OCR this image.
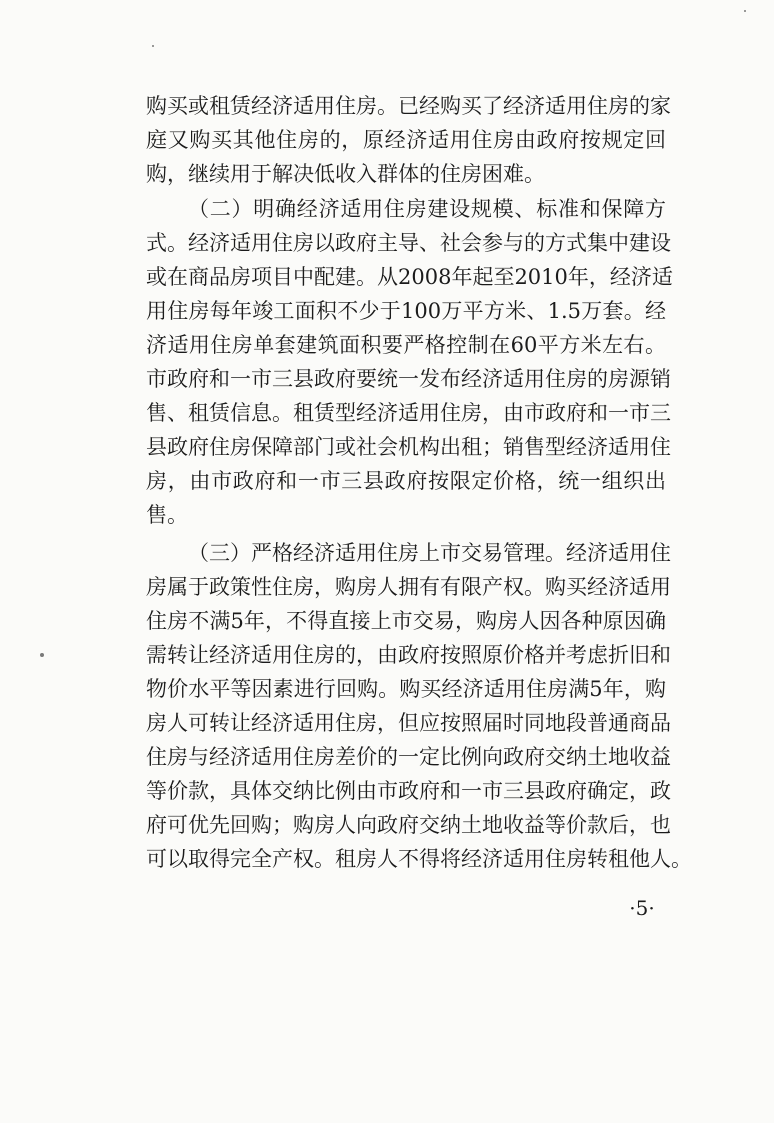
购买或租赁经济适用住房。已经购买了经济适用住房的家
庭又购买其他住房的，原经济适用住房由政府按规定回
购，继续用于解决低收入群体的住房困难。
（二）明确经济适用住房建设规模、标准和保障方
式。经济适用住房以政府主导、社会参与的方式集中建设
或在商品房项目中配建。从2008年起至2010年，经济适
用住房每年竣工面积不少于100万平方米、1.5万套。经
济适用住房单套建筑面积要严格控制在60平方米左右。
市政府和一市三县政府要统一发布经济适用住房的房源销
售、租赁信息。租赁型经济适用住房，由市政府和一市三
县政府住房保障部门或社会机构出租；销售型经济适用住
房，由市政府和一市三县政府按限定价格，统一组织出
售。
（三）严格经济适用住房上市交易管理。经济适用住
房属于政策性住房，购房人拥有有限产权。购买经济适用
住房不满5年，不得直接上市交易，购房人因各种原因确
需转让经济适用住房的，由政府按照原价格并考虑折旧和
物价水平等因素进行回购。购买经济适用住房满5年，购
房人可转让经济适用住房，但应按照届时同地段普通商品
住房与经济适用住房差价的一定比例向政府交纳土地收益
等价款，具体交纳比例由市政府和一市三县政府确定，政
府可优先回购；购房人向政府交纳土地收益等价款后，也
可以取得完全产权。租房人不得将经济适用住房转租他人。
·5·
